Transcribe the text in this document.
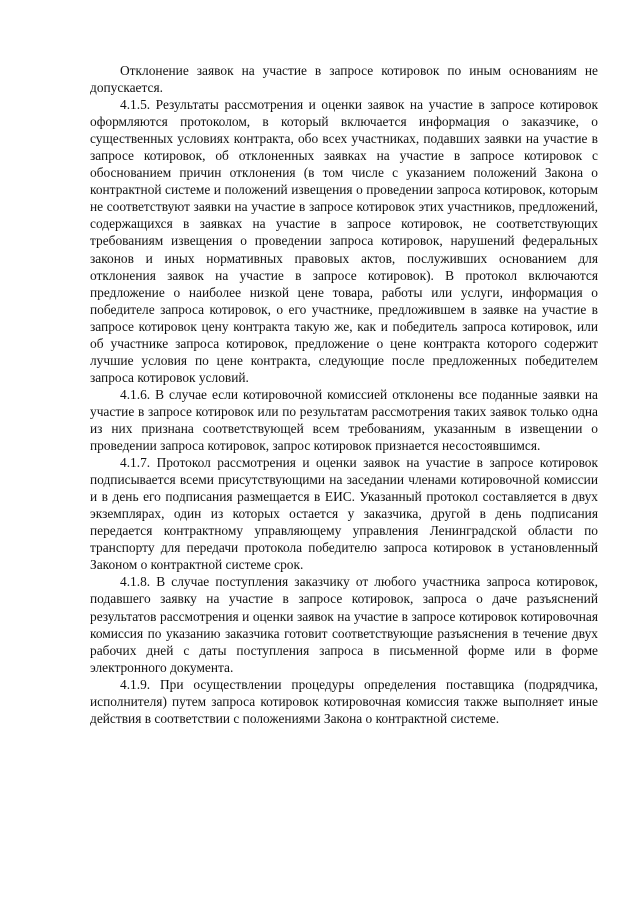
Отклонение заявок на участие в запросе котировок по иным основаниям не допускается.

4.1.5. Результаты рассмотрения и оценки заявок на участие в запросе котировок оформляются протоколом, в который включается информация о заказчике, о существенных условиях контракта, обо всех участниках, подавших заявки на участие в запросе котировок, об отклоненных заявках на участие в запросе котировок с обоснованием причин отклонения (в том числе с указанием положений Закона о контрактной системе и положений извещения о проведении запроса котировок, которым не соответствуют заявки на участие в запросе котировок этих участников, предложений, содержащихся в заявках на участие в запросе котировок, не соответствующих требованиям извещения о проведении запроса котировок, нарушений федеральных законов и иных нормативных правовых актов, послуживших основанием для отклонения заявок на участие в запросе котировок). В протокол включаются предложение о наиболее низкой цене товара, работы или услуги, информация о победителе запроса котировок, о его участнике, предложившем в заявке на участие в запросе котировок цену контракта такую же, как и победитель запроса котировок, или об участнике запроса котировок, предложение о цене контракта которого содержит лучшие условия по цене контракта, следующие после предложенных победителем запроса котировок условий.

4.1.6. В случае если котировочной комиссией отклонены все поданные заявки на участие в запросе котировок или по результатам рассмотрения таких заявок только одна из них признана соответствующей всем требованиям, указанным в извещении о проведении запроса котировок, запрос котировок признается несостоявшимся.

4.1.7. Протокол рассмотрения и оценки заявок на участие в запросе котировок подписывается всеми присутствующими на заседании членами котировочной комиссии и в день его подписания размещается в ЕИС. Указанный протокол составляется в двух экземплярах, один из которых остается у заказчика, другой в день подписания передается контрактному управляющему управления Ленинградской области по транспорту для передачи протокола победителю запроса котировок в установленный Законом о контрактной системе срок.

4.1.8. В случае поступления заказчику от любого участника запроса котировок, подавшего заявку на участие в запросе котировок, запроса о даче разъяснений результатов рассмотрения и оценки заявок на участие в запросе котировок котировочная комиссия по указанию заказчика готовит соответствующие разъяснения в течение двух рабочих дней с даты поступления запроса в письменной форме или в форме электронного документа.

4.1.9. При осуществлении процедуры определения поставщика (подрядчика, исполнителя) путем запроса котировок котировочная комиссия также выполняет иные действия в соответствии с положениями Закона о контрактной системе.
